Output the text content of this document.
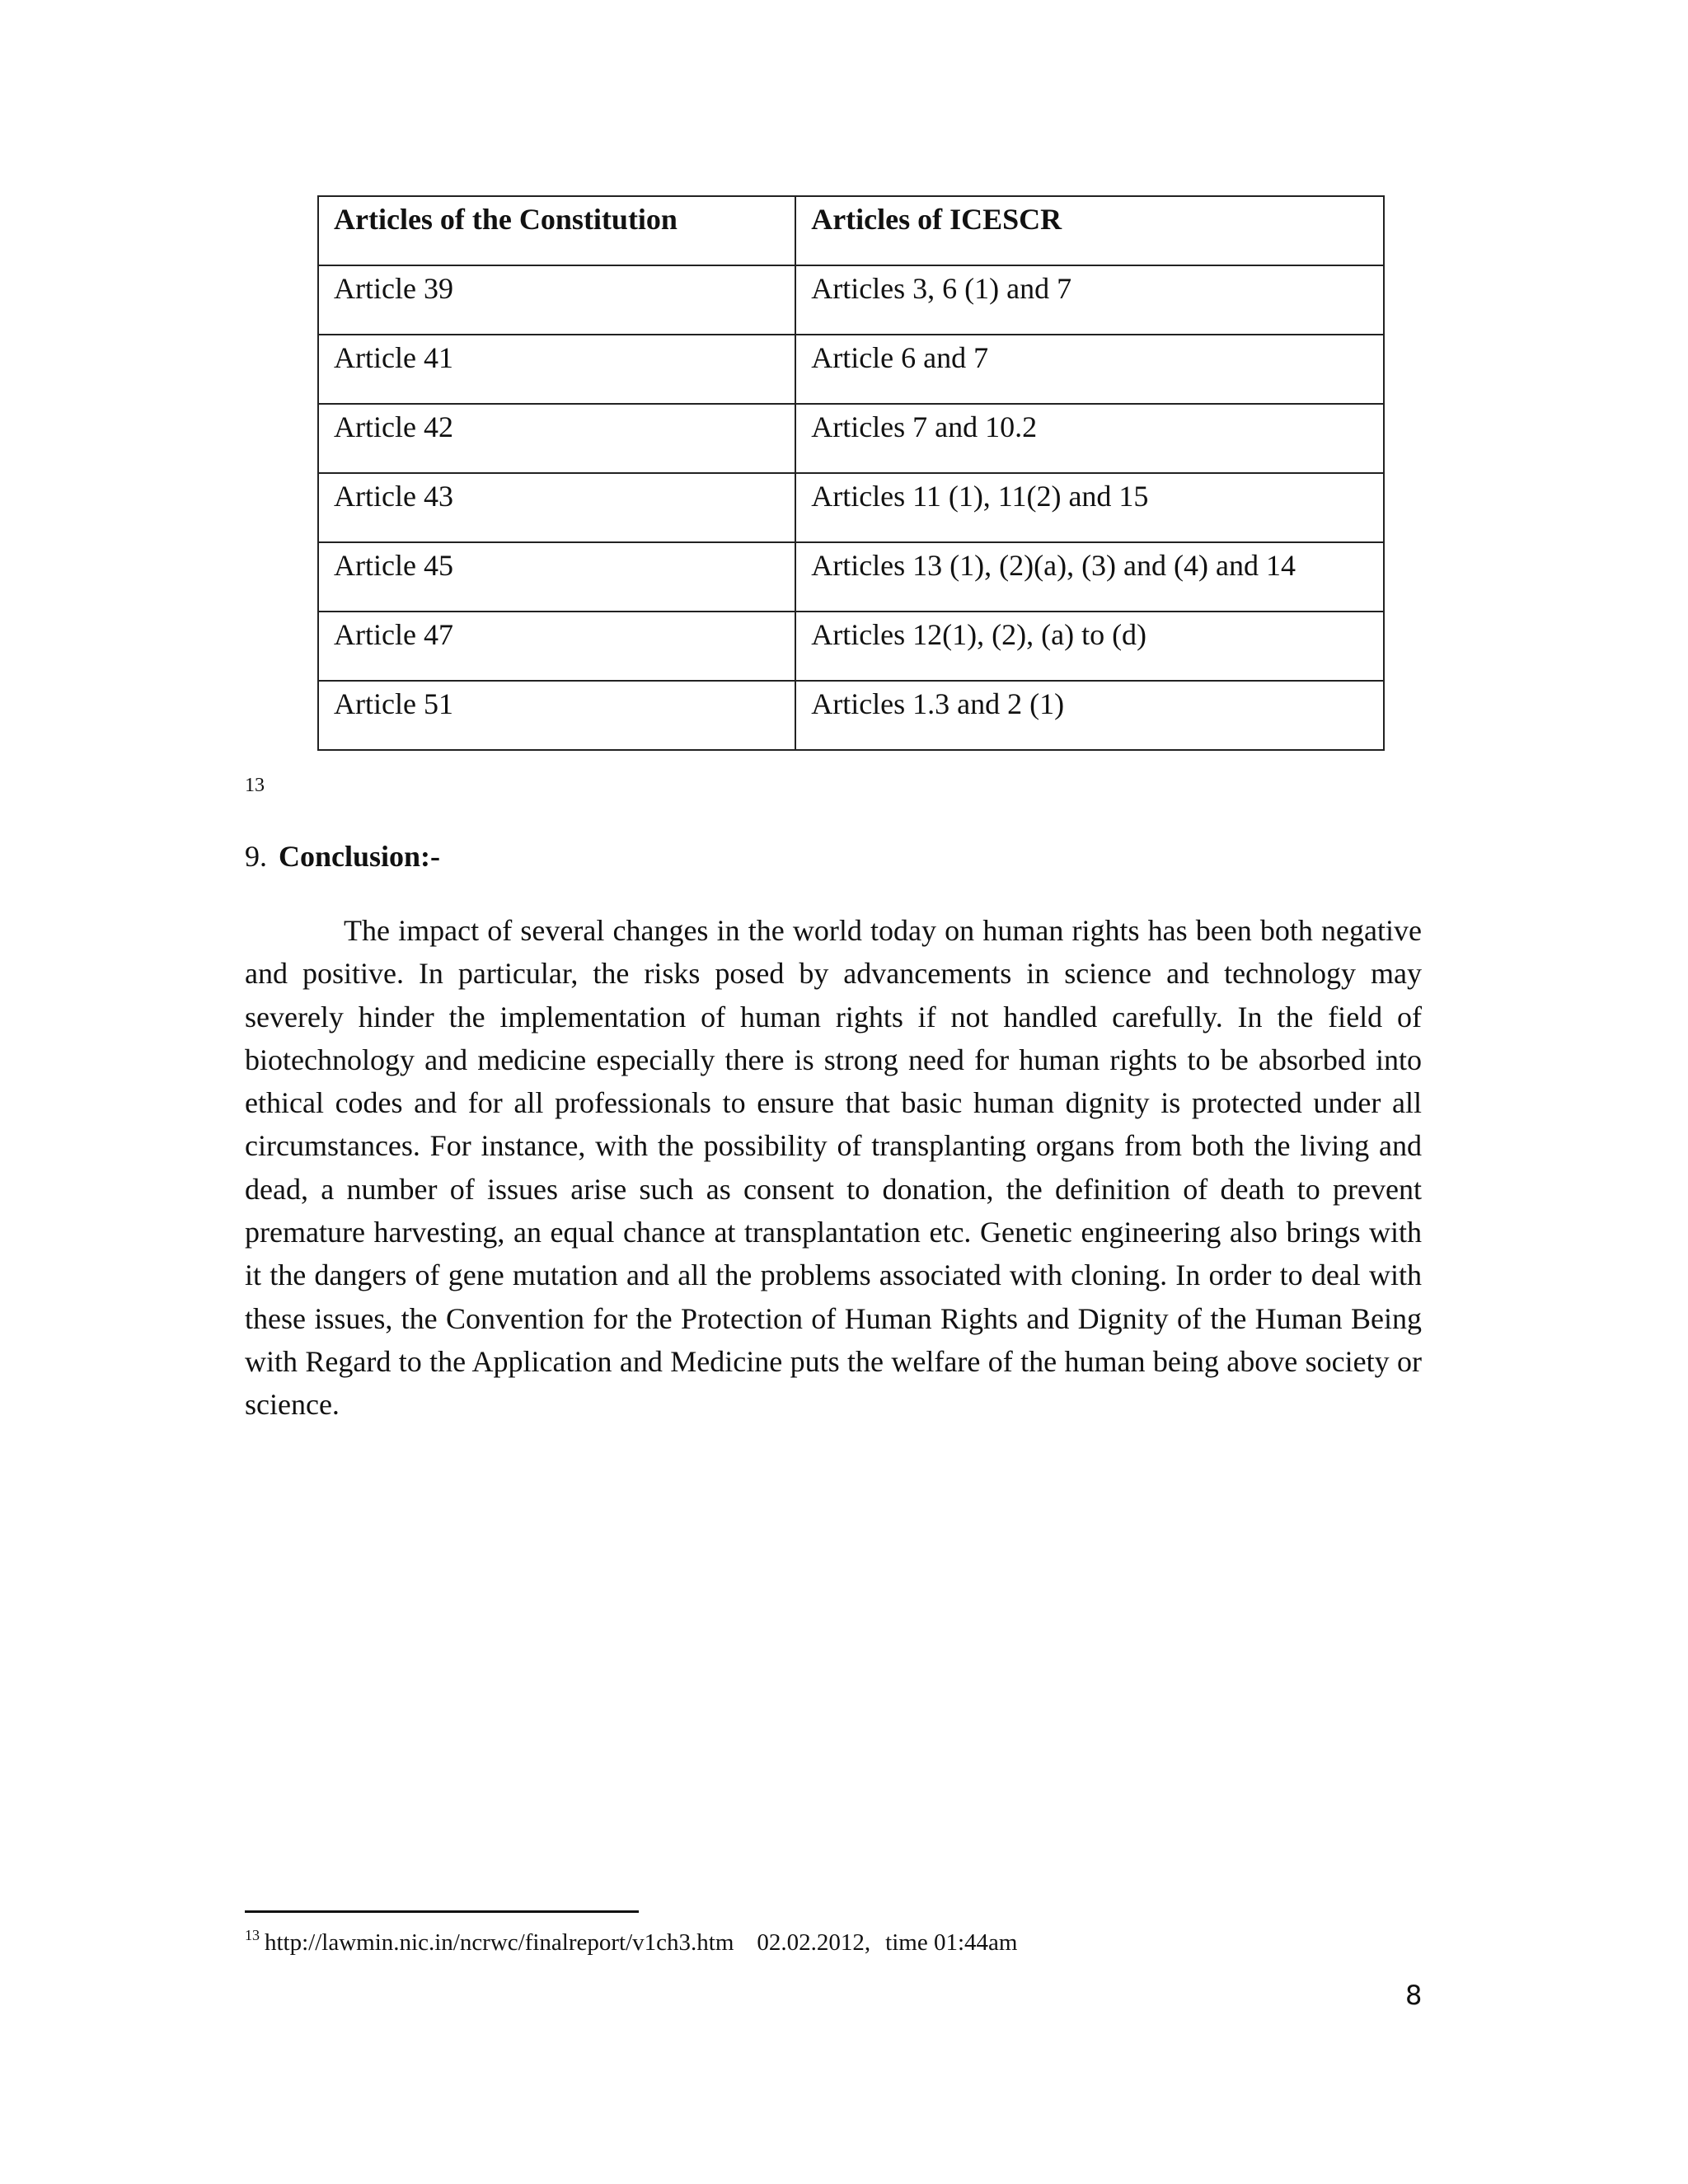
Articles of the Constitution	Articles of ICESCR
Article 39	Articles 3, 6 (1) and 7
Article 41	Article 6 and 7
Article 42	Articles 7 and 10.2
Article 43	Articles 11 (1), 11(2) and 15
Article 45	Articles 13 (1), (2)(a), (3) and (4) and 14
Article 47	Articles 12(1), (2), (a) to (d)
Article 51	Articles 1.3 and 2 (1)
13
9. Conclusion:-

The impact of several changes in the world today on human rights has been both negative and positive. In particular, the risks posed by advancements in science and technology may severely hinder the implementation of human rights if not handled carefully. In the field of biotechnology and medicine especially there is strong need for human rights to be absorbed into ethical codes and for all professionals to ensure that basic human dignity is protected under all circumstances. For instance, with the possibility of transplanting organs from both the living and dead, a number of issues arise such as consent to donation, the definition of death to prevent premature harvesting, an equal chance at transplantation etc. Genetic engineering also brings with it the dangers of gene mutation and all the problems associated with cloning. In order to deal with these issues, the Convention for the Protection of Human Rights and Dignity of the Human Being with Regard to the Application and Medicine puts the welfare of the human being above society or science.

$^{13}$ http://lawmin.nic.in/ncrwc/finalreport/v1ch3.htm 02.02.2012, time 01:44am
8
